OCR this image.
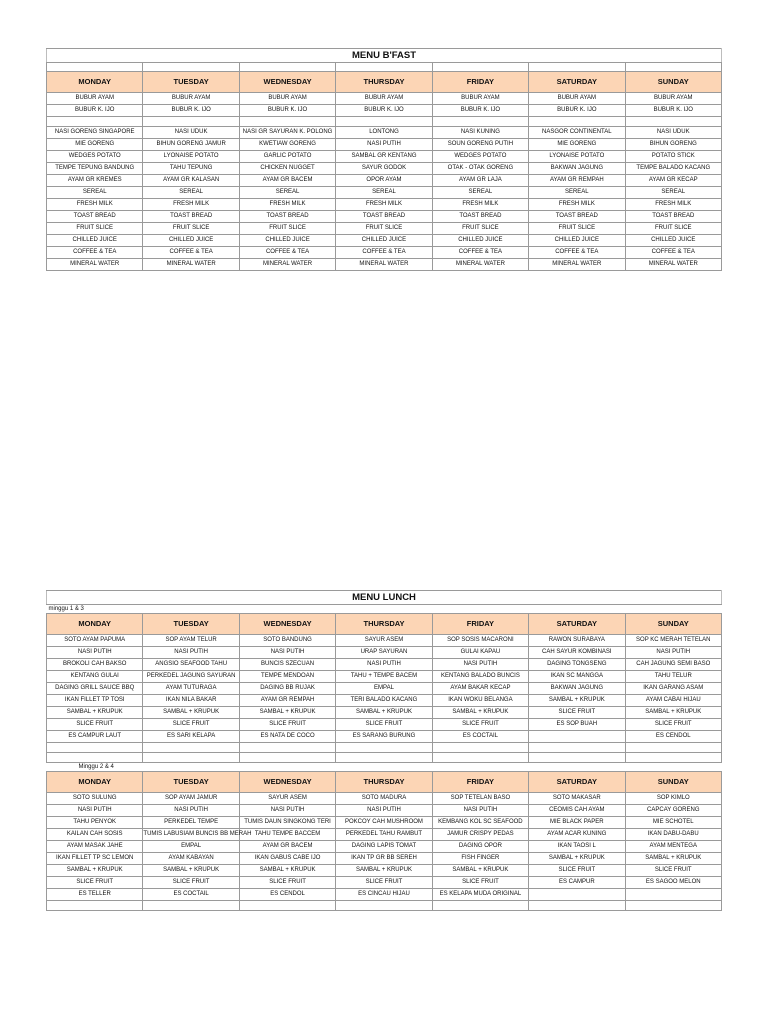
MENU B'FAST						

MONDAY	TUESDAY	WEDNESDAY	THURSDAY	FRIDAY	SATURDAY	SUNDAY
BUBUR AYAM	BUBUR AYAM	BUBUR AYAM	BUBUR AYAM	BUBUR AYAM	BUBUR AYAM	BUBUR AYAM
BUBUR K. IJO	BUBUR K. IJO	BUBUR K. IJO	BUBUR K. IJO	BUBUR K. IJO	BUBUR K. IJO	BUBUR K. IJO

NASI GORENG SINGAPORE	NASI UDUK	NASI GR SAYURAN K. POLONG	LONTONG	NASI KUNING	NASGOR CONTINENTAL	NASI UDUK
MIE GORENG	BIHUN GORENG JAMUR	KWETIAW GORENG	NASI PUTIH	SOUN GORENG PUTIH	MIE GORENG	BIHUN GORENG
WEDGES POTATO	LYONAISE POTATO	GARLIC POTATO	SAMBAL GR KENTANG	WEDGES POTATO	LYONAISE POTATO	POTATO STICK
TEMPE TEPUNG BANDUNG	TAHU TEPUNG	CHICKEN NUGGET	SAYUR GODOK	OTAK - OTAK GORENG	BAKWAN JAGUNG	TEMPE BALADO KACANG
AYAM GR KREMES	AYAM GR KALASAN	AYAM GR BACEM	OPOR AYAM	AYAM GR LAJA	AYAM GR REMPAH	AYAM GR KECAP
SEREAL	SEREAL	SEREAL	SEREAL	SEREAL	SEREAL	SEREAL
FRESH MILK	FRESH MILK	FRESH MILK	FRESH MILK	FRESH MILK	FRESH MILK	FRESH MILK
TOAST BREAD	TOAST BREAD	TOAST BREAD	TOAST BREAD	TOAST BREAD	TOAST BREAD	TOAST BREAD
FRUIT SLICE	FRUIT SLICE	FRUIT SLICE	FRUIT SLICE	FRUIT SLICE	FRUIT SLICE	FRUIT SLICE
CHILLED JUICE	CHILLED JUICE	CHILLED JUICE	CHILLED JUICE	CHILLED JUICE	CHILLED JUICE	CHILLED JUICE
COFFEE & TEA	COFFEE & TEA	COFFEE & TEA	COFFEE & TEA	COFFEE & TEA	COFFEE & TEA	COFFEE & TEA
MINERAL WATER	MINERAL WATER	MINERAL WATER	MINERAL WATER	MINERAL WATER	MINERAL WATER	MINERAL WATER
MENU LUNCH						
minggu 1 & 3						
MONDAY	TUESDAY	WEDNESDAY	THURSDAY	FRIDAY	SATURDAY	SUNDAY
SOTO AYAM PAPUMA	SOP AYAM TELUR	SOTO BANDUNG	SAYUR ASEM	SOP SOSIS MACARONI	RAWON SURABAYA	SOP KC MERAH TETELAN
NASI PUTIH	NASI PUTIH	NASI PUTIH	URAP SAYURAN	GULAI KAPAU	CAH SAYUR KOMBINASI	NASI PUTIH
BROKOLI CAH BAKSO	ANGSIO SEAFOOD TAHU	BUNCIS SZECUAN	NASI PUTIH	NASI PUTIH	DAGING TONGSENG	CAH JAGUNG SEMI BASO
KENTANG GULAI	PERKEDEL JAGUNG SAYURAN	TEMPE MENDOAN	TAHU + TEMPE BACEM	KENTANG BALADO BUNCIS	IKAN SC MANGGA	TAHU TELUR
DAGING GRILL SAUCE BBQ	AYAM TUTURAGA	DAGING BB RUJAK	EMPAL	AYAM BAKAR KECAP	BAKWAN JAGUNG	IKAN GARANG ASAM
IKAN FILLET TP TOSI	IKAN NILA BAKAR	AYAM GR REMPAH	TERI BALADO KACANG	IKAN WOKU BELANGA	SAMBAL + KRUPUK	AYAM CABAI HIJAU
SAMBAL + KRUPUK	SAMBAL + KRUPUK	SAMBAL + KRUPUK	SAMBAL + KRUPUK	SAMBAL + KRUPUK	SLICE FRUIT	SAMBAL + KRUPUK
SLICE FRUIT	SLICE FRUIT	SLICE FRUIT	SLICE FRUIT	SLICE FRUIT	ES SOP BUAH	SLICE FRUIT
ES CAMPUR LAUT	ES SARI KELAPA	ES NATA DE COCO	ES SARANG BURUNG	ES COCTAIL		ES CENDOL

Minggu 2 & 4						
MONDAY	TUESDAY	WEDNESDAY	THURSDAY	FRIDAY	SATURDAY	SUNDAY
SOTO SULUNG	SOP AYAM JAMUR	SAYUR ASEM	SOTO MADURA	SOP TETELAN BASO	SOTO MAKASAR	SOP KIMLO
NASI PUTIH	NASI PUTIH	NASI PUTIH	NASI PUTIH	NASI PUTIH	CEOMIS CAH AYAM	CAPCAY GORENG
TAHU PENYOK	PERKEDEL TEMPE	TUMIS DAUN SINGKONG TERI	POKCOY CAH MUSHROOM	KEMBANG KOL SC SEAFOOD	MIE BLACK PAPER	MIE SCHOTEL
KAILAN CAH SOSIS	TUMIS LABUSIAM BUNCIS BB MERAH	TAHU TEMPE BACCEM	PERKEDEL TAHU RAMBUT	JAMUR CRISPY PEDAS	AYAM ACAR KUNING	IKAN DABU-DABU
AYAM MASAK JAHE	EMPAL	AYAM GR BACEM	DAGING LAPIS TOMAT	DAGING OPOR	IKAN TAOSI L	AYAM MENTEGA
IKAN FILLET TP SC LEMON	AYAM KABAYAN	IKAN GABUS CABE IJO	IKAN TP GR BB SEREH	FISH FINGER	SAMBAL + KRUPUK	SAMBAL + KRUPUK
SAMBAL + KRUPUK	SAMBAL + KRUPUK	SAMBAL + KRUPUK	SAMBAL + KRUPUK	SAMBAL + KRUPUK	SLICE FRUIT	SLICE FRUIT
SLICE FRUIT	SLICE FRUIT	SLICE FRUIT	SLICE FRUIT	SLICE FRUIT	ES CAMPUR	ES SAGOO MELON
ES TELLER	ES COCTAIL	ES CENDOL	ES CINCAU HIJAU	ES KELAPA MUDA ORIGINAL		
